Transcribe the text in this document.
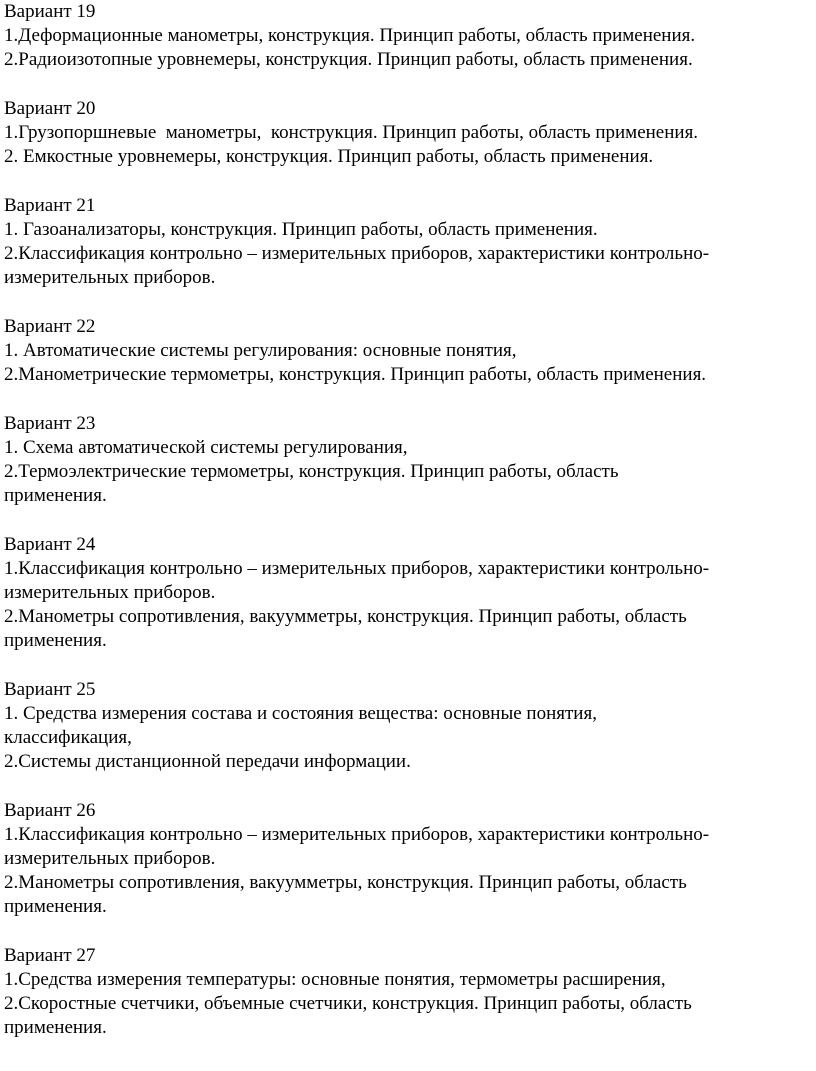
Вариант 19
1.Деформационные манометры, конструкция. Принцип работы, область применения.
2.Радиоизотопные уровнемеры, конструкция. Принцип работы, область применения.
Вариант 20
1.Грузопоршневые  манометры,  конструкция. Принцип работы, область применения.
2. Емкостные уровнемеры, конструкция. Принцип работы, область применения.
Вариант 21
1. Газоанализаторы, конструкция. Принцип работы, область применения.
2.Классификация контрольно – измерительных приборов, характеристики контрольно-
измерительных приборов.
Вариант 22
1. Автоматические системы регулирования: основные понятия,
2.Манометрические термометры, конструкция. Принцип работы, область применения.
Вариант 23
1. Схема автоматической системы регулирования,
2.Термоэлектрические термометры, конструкция. Принцип работы, область
применения.
Вариант 24
1.Классификация контрольно – измерительных приборов, характеристики контрольно-
измерительных приборов.
2.Манометры сопротивления, вакуумметры, конструкция. Принцип работы, область
применения.
Вариант 25
1. Средства измерения состава и состояния вещества: основные понятия,
классификация,
2.Системы дистанционной передачи информации.
Вариант 26
1.Классификация контрольно – измерительных приборов, характеристики контрольно-
измерительных приборов.
2.Манометры сопротивления, вакуумметры, конструкция. Принцип работы, область
применения.
Вариант 27
1.Средства измерения температуры: основные понятия, термометры расширения,
2.Скоростные счетчики, объемные счетчики, конструкция. Принцип работы, область
применения.
